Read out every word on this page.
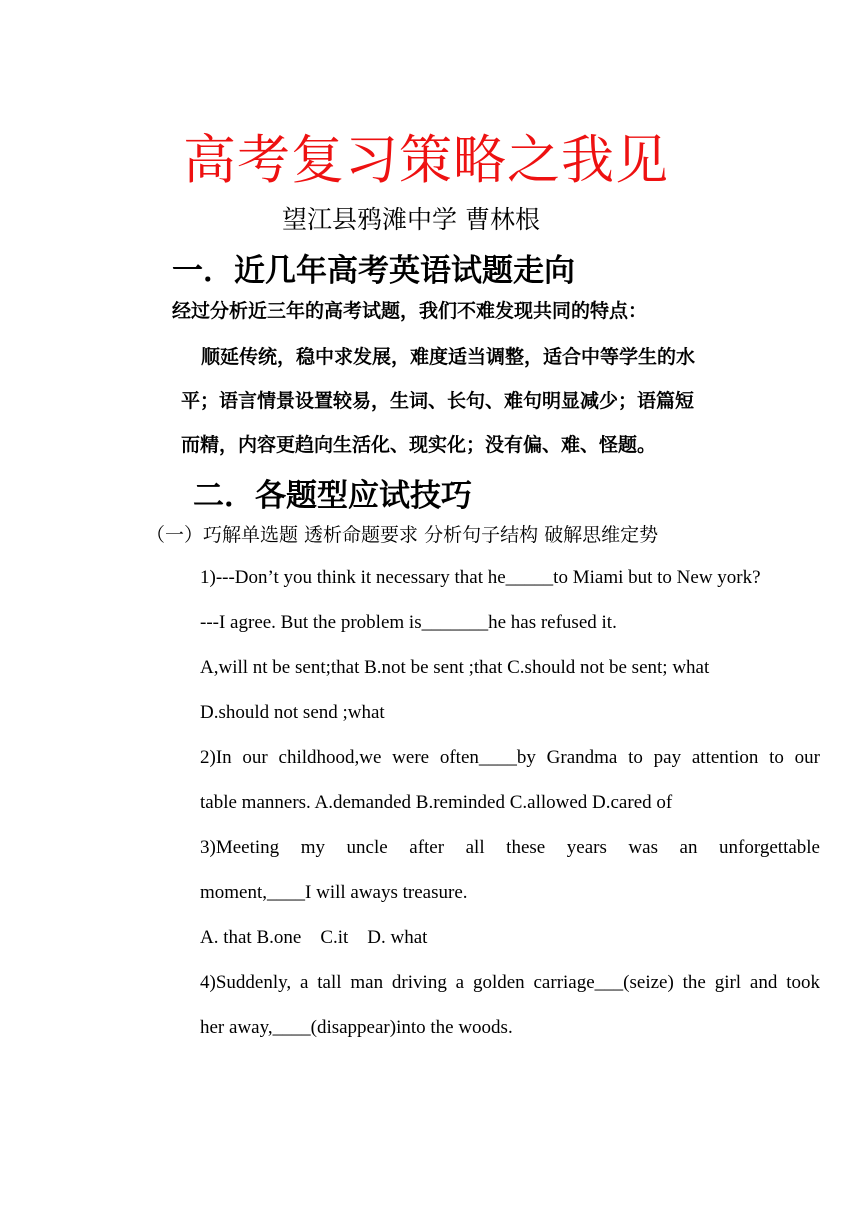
高考复习策略之我见
望江县鸦滩中学 曹林根
一．近几年高考英语试题走向
经过分析近三年的高考试题，我们不难发现共同的特点：
顺延传统，稳中求发展，难度适当调整，适合中等学生的水
平；语言情景设置较易，生词、长句、难句明显减少；语篇短
而精，内容更趋向生活化、现实化；没有偏、难、怪题。
二．各题型应试技巧
（一）巧解单选题 透析命题要求 分析句子结构 破解思维定势
1)---Don’t you think it necessary that he_____to Miami but to New york?
---I agree. But the problem is_______he has refused it.
A,will nt be sent;that B.not be sent ;that C.should not be sent; what
D.should not send ;what
2)In our childhood,we were often____by Grandma to pay attention to our
table manners. A.demanded B.reminded C.allowed D.cared of
3)Meeting my uncle after all these years was an unforgettable
moment,____I will aways treasure.
A. that B.one    C.it    D. what
4)Suddenly, a tall man driving a golden carriage___(seize) the girl and took
her away,____(disappear)into the woods.
